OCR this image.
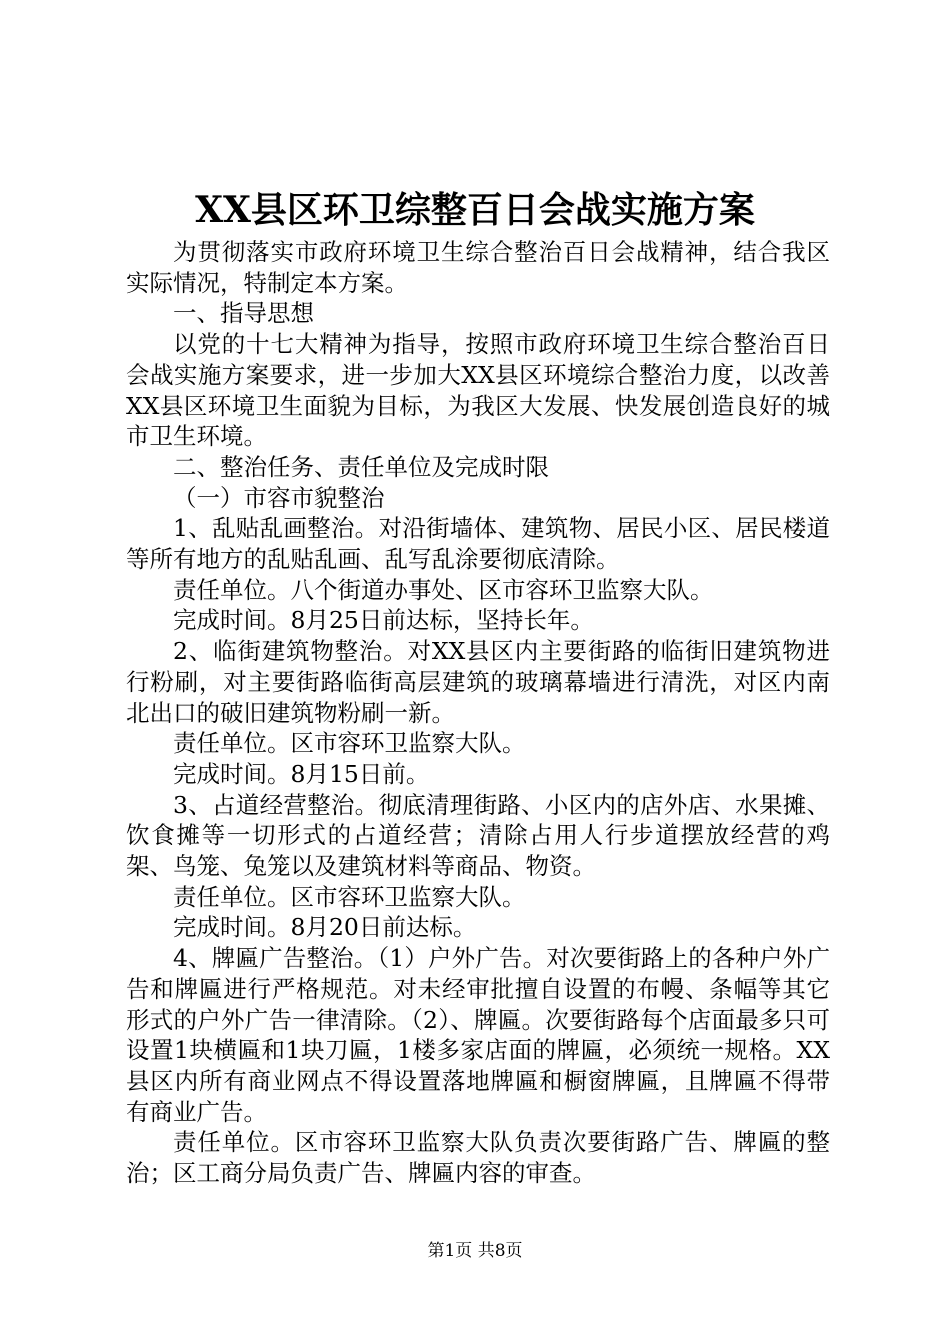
XX县区环卫综整百日会战实施方案

为贯彻落实市政府环境卫生综合整治百日会战精神，结合我区实际情况，特制定本方案。

一、指导思想

以党的十七大精神为指导，按照市政府环境卫生综合整治百日会战实施方案要求，进一步加大XX县区环境综合整治力度，以改善XX县区环境卫生面貌为目标，为我区大发展、快发展创造良好的城市卫生环境。

二、整治任务、责任单位及完成时限

（一）市容市貌整治

1、乱贴乱画整治。对沿街墙体、建筑物、居民小区、居民楼道等所有地方的乱贴乱画、乱写乱涂要彻底清除。

责任单位。八个街道办事处、区市容环卫监察大队。

完成时间。8月25日前达标，坚持长年。

2、临街建筑物整治。对XX县区内主要街路的临街旧建筑物进行粉刷，对主要街路临街高层建筑的玻璃幕墙进行清洗，对区内南北出口的破旧建筑物粉刷一新。

责任单位。区市容环卫监察大队。

完成时间。8月15日前。

3、占道经营整治。彻底清理街路、小区内的店外店、水果摊、饮食摊等一切形式的占道经营；清除占用人行步道摆放经营的鸡架、鸟笼、兔笼以及建筑材料等商品、物资。

责任单位。区市容环卫监察大队。

完成时间。8月20日前达标。

4、牌匾广告整治。（1）户外广告。对次要街路上的各种户外广告和牌匾进行严格规范。对未经审批擅自设置的布幔、条幅等其它形式的户外广告一律清除。（2）、牌匾。次要街路每个店面最多只可设置1块横匾和1块刀匾，1楼多家店面的牌匾，必须统一规格。XX县区内所有商业网点不得设置落地牌匾和橱窗牌匾，且牌匾不得带有商业广告。

责任单位。区市容环卫监察大队负责次要街路广告、牌匾的整治；区工商分局负责广告、牌匾内容的审查。

第1页 共8页
